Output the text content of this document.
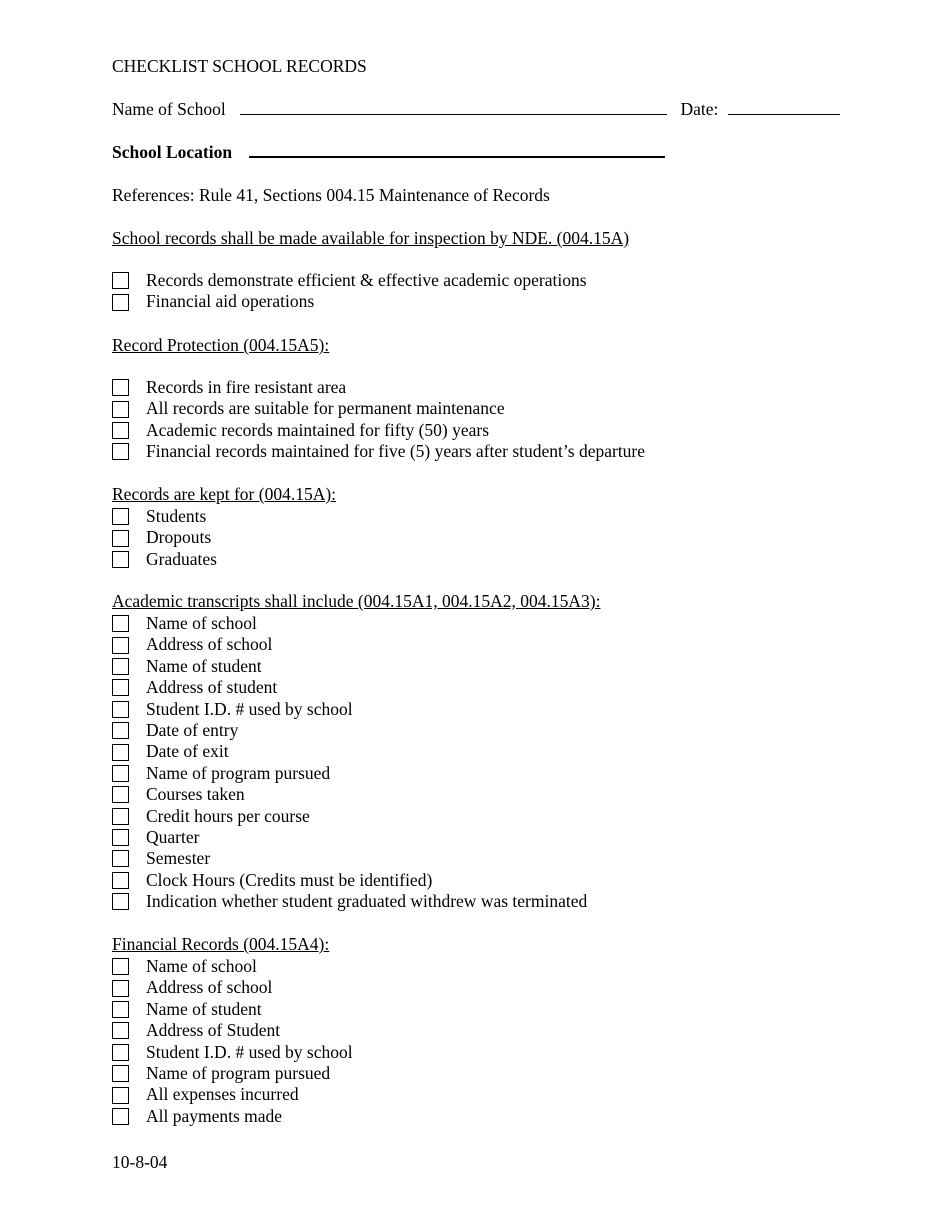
CHECKLIST SCHOOL RECORDS
Name of School	Date:
School Location
References: Rule 41, Sections 004.15 Maintenance of Records
School records shall be made available for inspection by NDE. (004.15A)
Records demonstrate efficient & effective academic operations
Financial aid operations
Record Protection (004.15A5):
Records in fire resistant area
All records are suitable for permanent maintenance
Academic records maintained for fifty (50) years
Financial records maintained for five (5) years after student’s departure
Records are kept for (004.15A):
Students
Dropouts
Graduates
Academic transcripts shall include (004.15A1, 004.15A2, 004.15A3):
Name of school
Address of school
Name of student
Address of student
Student I.D. # used by school
Date of entry
Date of exit
Name of program pursued
Courses taken
Credit hours per course
Quarter
Semester
Clock Hours (Credits must be identified)
Indication whether student graduated withdrew was terminated
Financial Records (004.15A4):
Name of school
Address of school
Name of student
Address of Student
Student I.D. # used by school
Name of program pursued
All expenses incurred
All payments made
10-8-04
